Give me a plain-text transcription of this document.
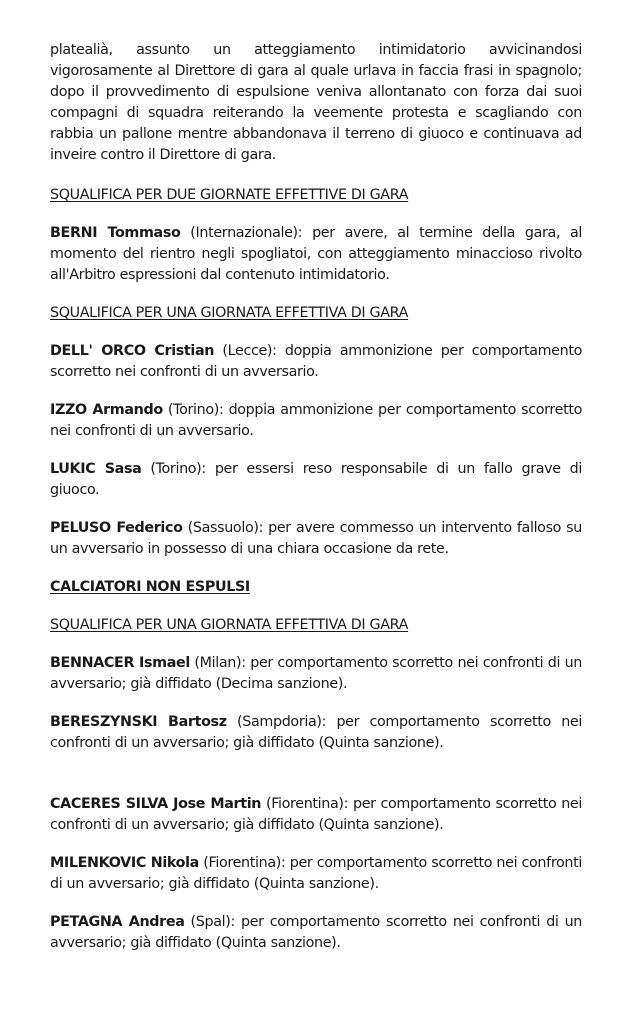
platealià, assunto un atteggiamento intimidatorio avvicinandosi vigorosamente al Direttore di gara al quale urlava in faccia frasi in spagnolo; dopo il provvedimento di espulsione veniva allontanato con forza dai suoi compagni di squadra reiterando la veemente protesta e scagliando con rabbia un pallone mentre abbandonava il terreno di giuoco e continuava ad inveire contro il Direttore di gara.

SQUALIFICA PER DUE GIORNATE EFFETTIVE DI GARA

BERNI Tommaso (Internazionale): per avere, al termine della gara, al momento del rientro negli spogliatoi, con atteggiamento minaccioso rivolto all'Arbitro espressioni dal contenuto intimidatorio.

SQUALIFICA PER UNA GIORNATA EFFETTIVA DI GARA

DELL' ORCO Cristian (Lecce): doppia ammonizione per comportamento scorretto nei confronti di un avversario.

IZZO Armando (Torino): doppia ammonizione per comportamento scorretto nei confronti di un avversario.

LUKIC Sasa (Torino): per essersi reso responsabile di un fallo grave di giuoco.

PELUSO Federico (Sassuolo): per avere commesso un intervento falloso su un avversario in possesso di una chiara occasione da rete.

CALCIATORI NON ESPULSI

SQUALIFICA PER UNA GIORNATA EFFETTIVA DI GARA

BENNACER Ismael (Milan): per comportamento scorretto nei confronti di un avversario; già diffidato (Decima sanzione).

BERESZYNSKI Bartosz (Sampdoria): per comportamento scorretto nei confronti di un avversario; già diffidato (Quinta sanzione).

CACERES SILVA Jose Martin (Fiorentina): per comportamento scorretto nei confronti di un avversario; già diffidato (Quinta sanzione).

MILENKOVIC Nikola (Fiorentina): per comportamento scorretto nei confronti di un avversario; già diffidato (Quinta sanzione).

PETAGNA Andrea (Spal): per comportamento scorretto nei confronti di un avversario; già diffidato (Quinta sanzione).
